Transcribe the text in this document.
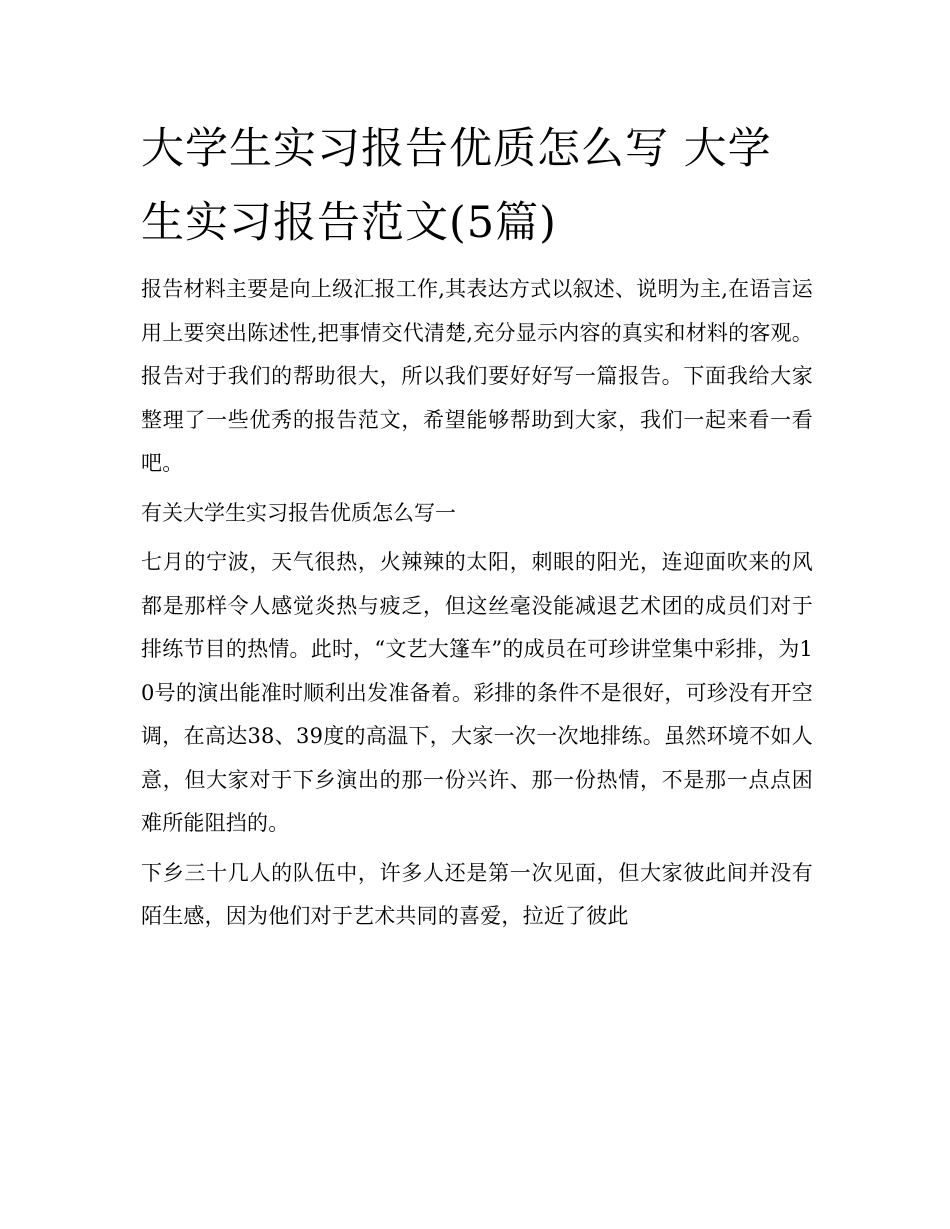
大学生实习报告优质怎么写 大学生实习报告范文(5篇)

报告材料主要是向上级汇报工作,其表达方式以叙述、说明为主,在语言运用上要突出陈述性,把事情交代清楚,充分显示内容的真实和材料的客观。报告对于我们的帮助很大，所以我们要好好写一篇报告。下面我给大家整理了一些优秀的报告范文，希望能够帮助到大家，我们一起来看一看吧。

有关大学生实习报告优质怎么写一

七月的宁波，天气很热，火辣辣的太阳，刺眼的阳光，连迎面吹来的风都是那样令人感觉炎热与疲乏，但这丝毫没能减退艺术团的成员们对于排练节目的热情。此时，“文艺大篷车”的成员在可珍讲堂集中彩排，为10号的演出能准时顺利出发准备着。彩排的条件不是很好，可珍没有开空调，在高达38、39度的高温下，大家一次一次地排练。虽然环境不如人意，但大家对于下乡演出的那一份兴许、那一份热情，不是那一点点困难所能阻挡的。

下乡三十几人的队伍中，许多人还是第一次见面，但大家彼此间并没有陌生感，因为他们对于艺术共同的喜爱，拉近了彼此
